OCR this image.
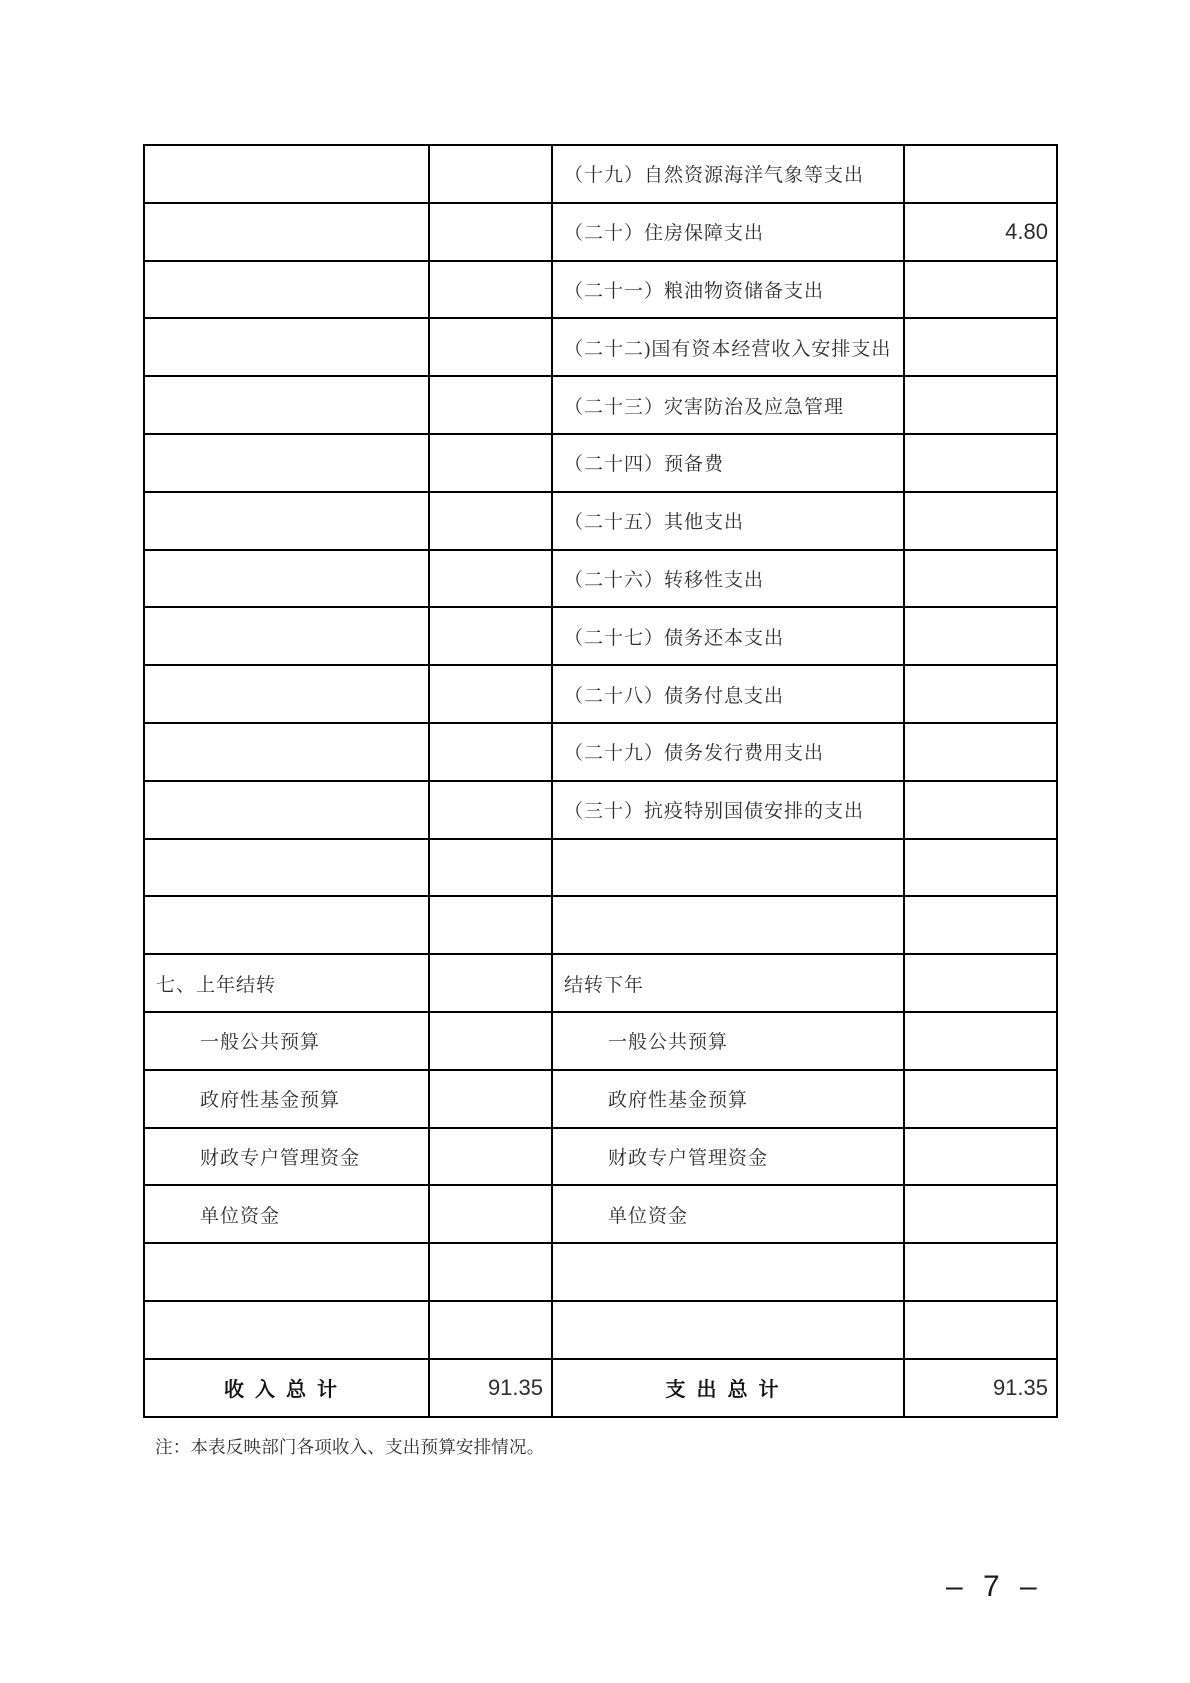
		（十九）自然资源海洋气象等支出	
		（二十）住房保障支出	4.80
		（二十一）粮油物资储备支出	
		（二十二)国有资本经营收入安排支出	
		（二十三）灾害防治及应急管理	
		（二十四）预备费	
		（二十五）其他支出	
		（二十六）转移性支出	
		（二十七）债务还本支出	
		（二十八）债务付息支出	
		（二十九）债务发行费用支出	
		（三十）抗疫特别国债安排的支出	

七、上年结转		结转下年	
一般公共预算		一般公共预算	
政府性基金预算		政府性基金预算	
财政专户管理资金		财政专户管理资金	
单位资金		单位资金	

收入总计	91.35	支出总计	91.35
注：本表反映部门各项收入、支出预算安排情况。
– 7 –
